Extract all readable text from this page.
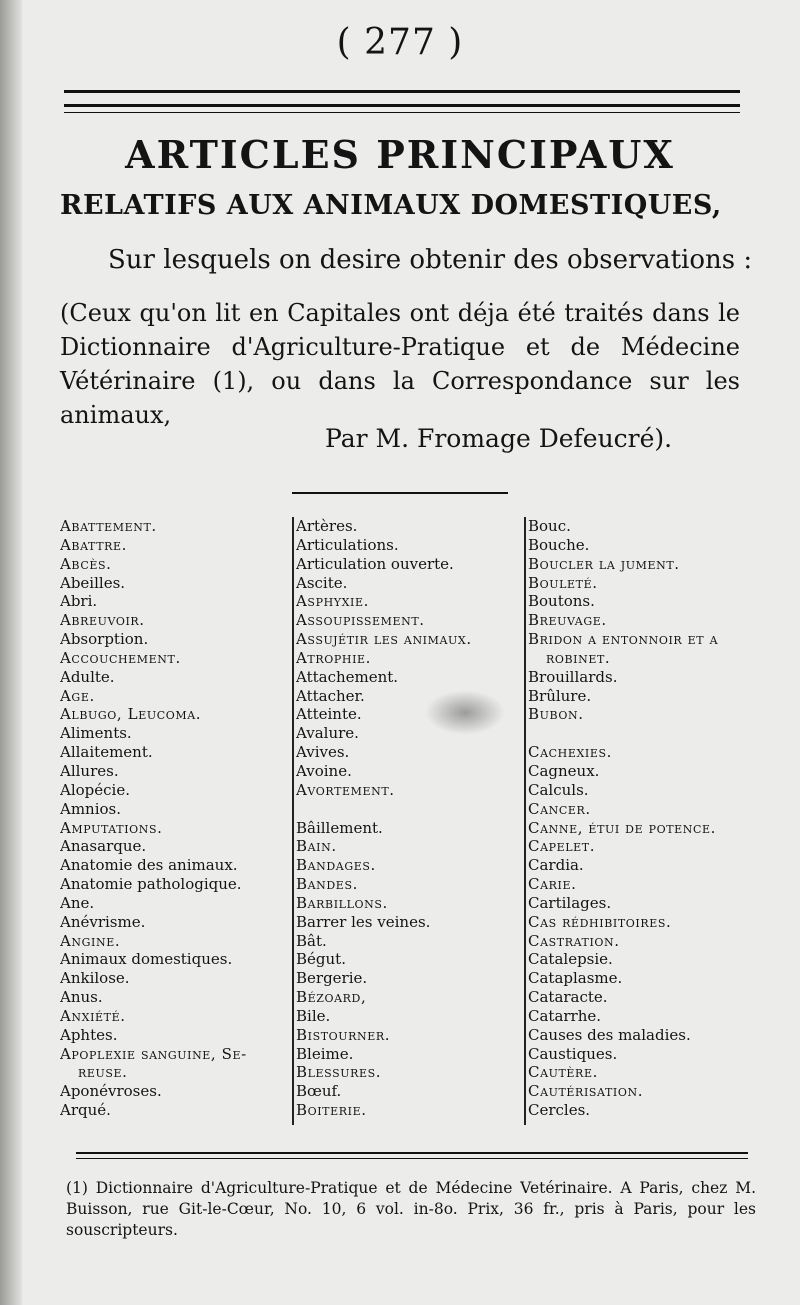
( 277 )
ARTICLES PRINCIPAUX
RELATIFS AUX ANIMAUX DOMESTIQUES,
Sur lesquels on desire obtenir des observations :
(Ceux qu'on lit en Capitales ont déja été traités dans le Dictionnaire d'Agriculture-Pratique et de Médecine Vétérinaire (1), ou dans la Correspondance sur les animaux,
Par M. Fromage Defeucré).
Abattement.
Abattre.
Abcès.
Abeilles.
Abri.
Abreuvoir.
Absorption.
Accouchement.
Adulte.
Age.
Albugo, Leucoma.
Aliments.
Allaitement.
Allures.
Alopécie.
Amnios.
Amputations.
Anasarque.
Anatomie des animaux.
Anatomie pathologique.
Ane.
Anévrisme.
Angine.
Animaux domestiques.
Ankilose.
Anus.
Anxiété.
Aphtes.
Apoplexie sanguine, Se-
reuse.
Aponévroses.
Arqué.
Artères.
Articulations.
Articulation ouverte.
Ascite.
Asphyxie.
Assoupissement.
Assujétir les animaux.
Atrophie.
Attachement.
Attacher.
Atteinte.
Avalure.
Avives.
Avoine.
Avortement.
Bâillement.
Bain.
Bandages.
Bandes.
Barbillons.
Barrer les veines.
Bât.
Bégut.
Bergerie.
Bézoard,
Bile.
Bistourner.
Bleime.
Blessures.
Bœuf.
Boiterie.
Bouc.
Bouche.
Boucler la jument.
Bouleté.
Boutons.
Breuvage.
Bridon a entonnoir et a
robinet.
Brouillards.
Brûlure.
Bubon.
Cachexies.
Cagneux.
Calculs.
Cancer.
Canne, étui de potence.
Capelet.
Cardia.
Carie.
Cartilages.
Cas rédhibitoires.
Castration.
Catalepsie.
Cataplasme.
Cataracte.
Catarrhe.
Causes des maladies.
Caustiques.
Cautère.
Cautérisation.
Cercles.
(1) Dictionnaire d'Agriculture-Pratique et de Médecine Vetérinaire. A Paris, chez M. Buisson, rue Git-le-Cœur, No. 10, 6 vol. in-8o. Prix, 36 fr., pris à Paris, pour les souscripteurs.
